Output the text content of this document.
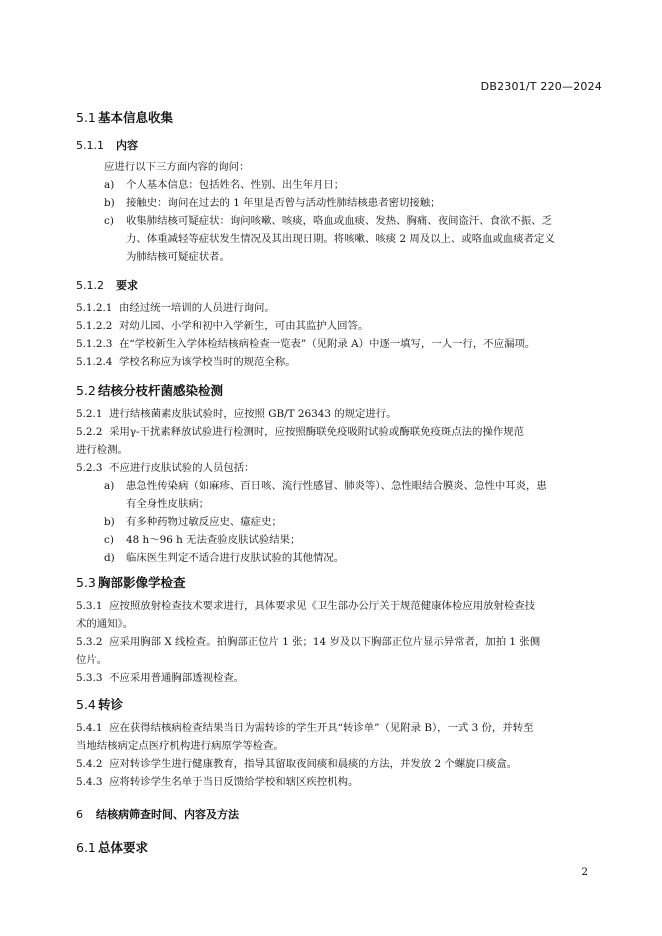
DB2301/T 220—2024
5.1 基本信息收集
5.1.1 内容
应进行以下三方面内容的询问：
a) 个人基本信息：包括姓名、性别、出生年月日；
b) 接触史：询问在过去的 1 年里是否曾与活动性肺结核患者密切接触；
c) 收集肺结核可疑症状：询问咳嗽、咳痰，咯血或血痰、发热、胸痛、夜间盗汗、食欲不振、乏
力、体重减轻等症状发生情况及其出现日期。将咳嗽、咳痰 2 周及以上、或咯血或血痰者定义
为肺结核可疑症状者。
5.1.2 要求
5.1.2.1 由经过统一培训的人员进行询问。
5.1.2.2 对幼儿园、小学和初中入学新生，可由其监护人回答。
5.1.2.3 在“学校新生入学体检结核病检查一览表”（见附录 A）中逐一填写，一人一行，不应漏项。
5.1.2.4 学校名称应为该学校当时的规范全称。
5.2 结核分枝杆菌感染检测
5.2.1 进行结核菌素皮肤试验时，应按照 GB/T 26343 的规定进行。
5.2.2 采用γ-干扰素释放试验进行检测时，应按照酶联免疫吸附试验或酶联免疫斑点法的操作规范
进行检测。
5.2.3 不应进行皮肤试验的人员包括：
a) 患急性传染病（如麻疹、百日咳、流行性感冒、肺炎等）、急性眼结合膜炎、急性中耳炎，患
有全身性皮肤病；
b) 有多种药物过敏反应史、癔症史；
c) 48 h～96 h 无法查验皮肤试验结果；
d) 临床医生判定不适合进行皮肤试验的其他情况。
5.3 胸部影像学检查
5.3.1 应按照放射检查技术要求进行，具体要求见《卫生部办公厅关于规范健康体检应用放射检查技
术的通知》。
5.3.2 应采用胸部 X 线检查。拍胸部正位片 1 张；14 岁及以下胸部正位片显示异常者，加拍 1 张侧
位片。
5.3.3 不应采用普通胸部透视检查。
5.4 转诊
5.4.1 应在获得结核病检查结果当日为需转诊的学生开具“转诊单”（见附录 B），一式 3 份，并转至
当地结核病定点医疗机构进行病原学等检查。
5.4.2 应对转诊学生进行健康教育，指导其留取夜间痰和晨痰的方法，并发放 2 个螺旋口痰盒。
5.4.3 应将转诊学生名单于当日反馈给学校和辖区疾控机构。
6 结核病筛查时间、内容及方法
6.1 总体要求
2
